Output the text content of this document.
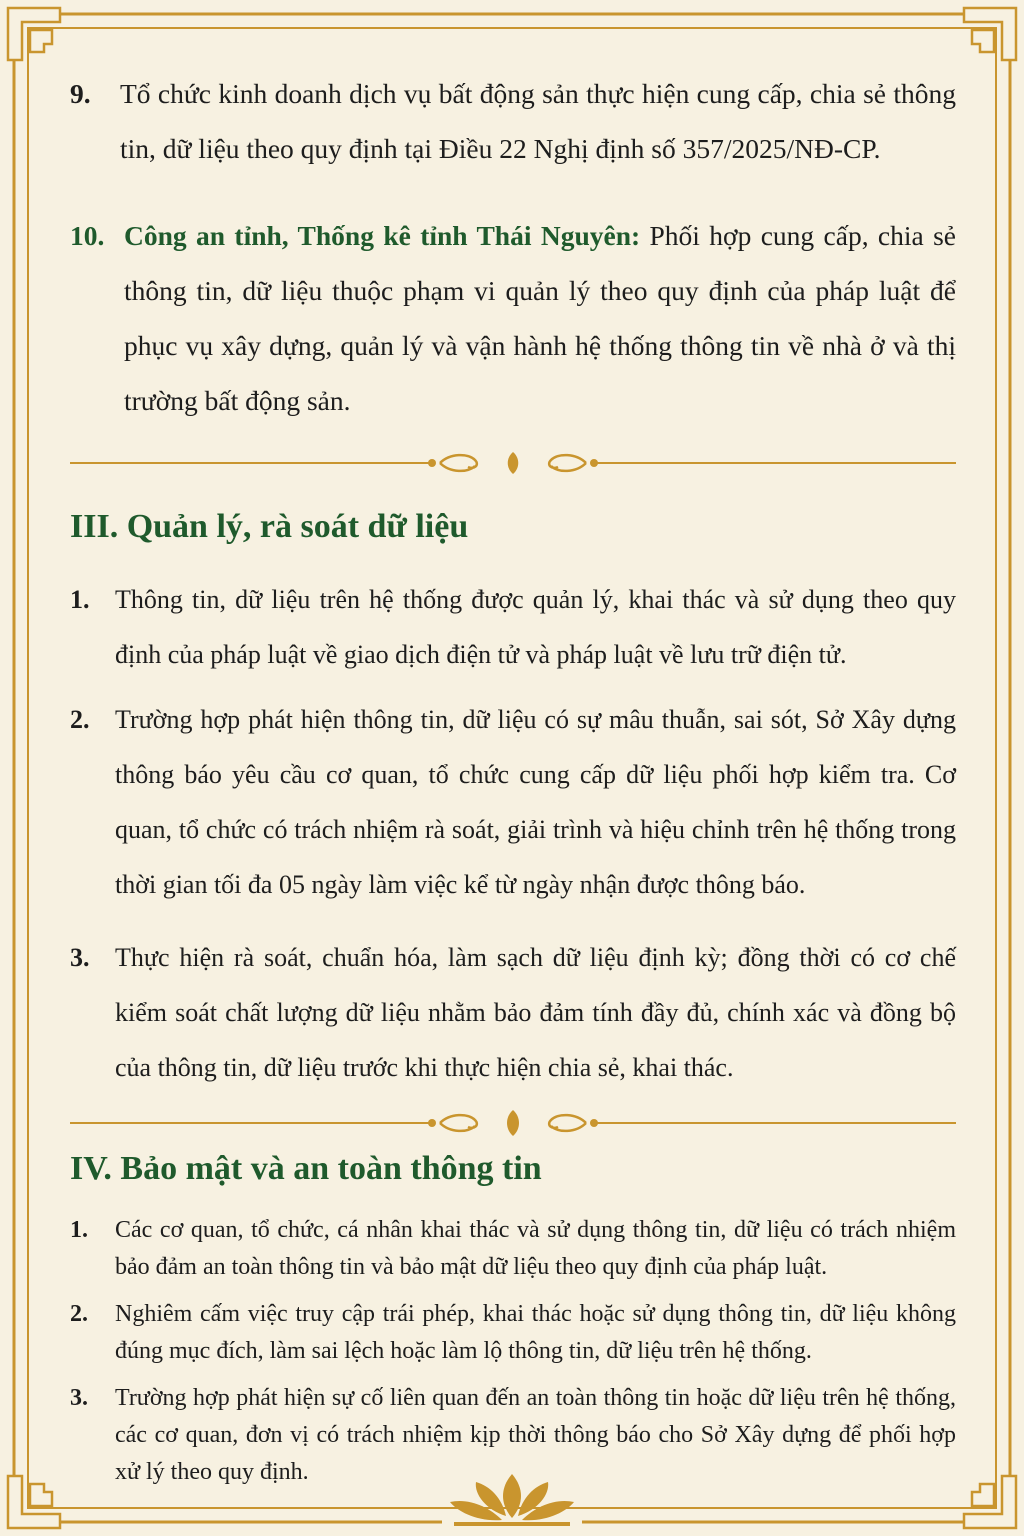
9.	Tổ chức kinh doanh dịch vụ bất động sản thực hiện cung cấp, chia sẻ thông tin, dữ liệu theo quy định tại Điều 22 Nghị định số 357/2025/NĐ-CP.
10. Công an tỉnh, Thống kê tỉnh Thái Nguyên: Phối hợp cung cấp, chia sẻ thông tin, dữ liệu thuộc phạm vi quản lý theo quy định của pháp luật để phục vụ xây dựng, quản lý và vận hành hệ thống thông tin về nhà ở và thị trường bất động sản.
III. Quản lý, rà soát dữ liệu
1. Thông tin, dữ liệu trên hệ thống được quản lý, khai thác và sử dụng theo quy định của pháp luật về giao dịch điện tử và pháp luật về lưu trữ điện tử.
2. Trường hợp phát hiện thông tin, dữ liệu có sự mâu thuẫn, sai sót, Sở Xây dựng thông báo yêu cầu cơ quan, tổ chức cung cấp dữ liệu phối hợp kiểm tra. Cơ quan, tổ chức có trách nhiệm rà soát, giải trình và hiệu chỉnh trên hệ thống trong thời gian tối đa 05 ngày làm việc kể từ ngày nhận được thông báo.
3. Thực hiện rà soát, chuẩn hóa, làm sạch dữ liệu định kỳ; đồng thời có cơ chế kiểm soát chất lượng dữ liệu nhằm bảo đảm tính đầy đủ, chính xác và đồng bộ của thông tin, dữ liệu trước khi thực hiện chia sẻ, khai thác.
IV. Bảo mật và an toàn thông tin
1.	Các cơ quan, tổ chức, cá nhân khai thác và sử dụng thông tin, dữ liệu có trách nhiệm bảo đảm an toàn thông tin và bảo mật dữ liệu theo quy định của pháp luật.
2.	Nghiêm cấm việc truy cập trái phép, khai thác hoặc sử dụng thông tin, dữ liệu không đúng mục đích, làm sai lệch hoặc làm lộ thông tin, dữ liệu trên hệ thống.
3.	Trường hợp phát hiện sự cố liên quan đến an toàn thông tin hoặc dữ liệu trên hệ thống, các cơ quan, đơn vị có trách nhiệm kịp thời thông báo cho Sở Xây dựng để phối hợp xử lý theo quy định.
